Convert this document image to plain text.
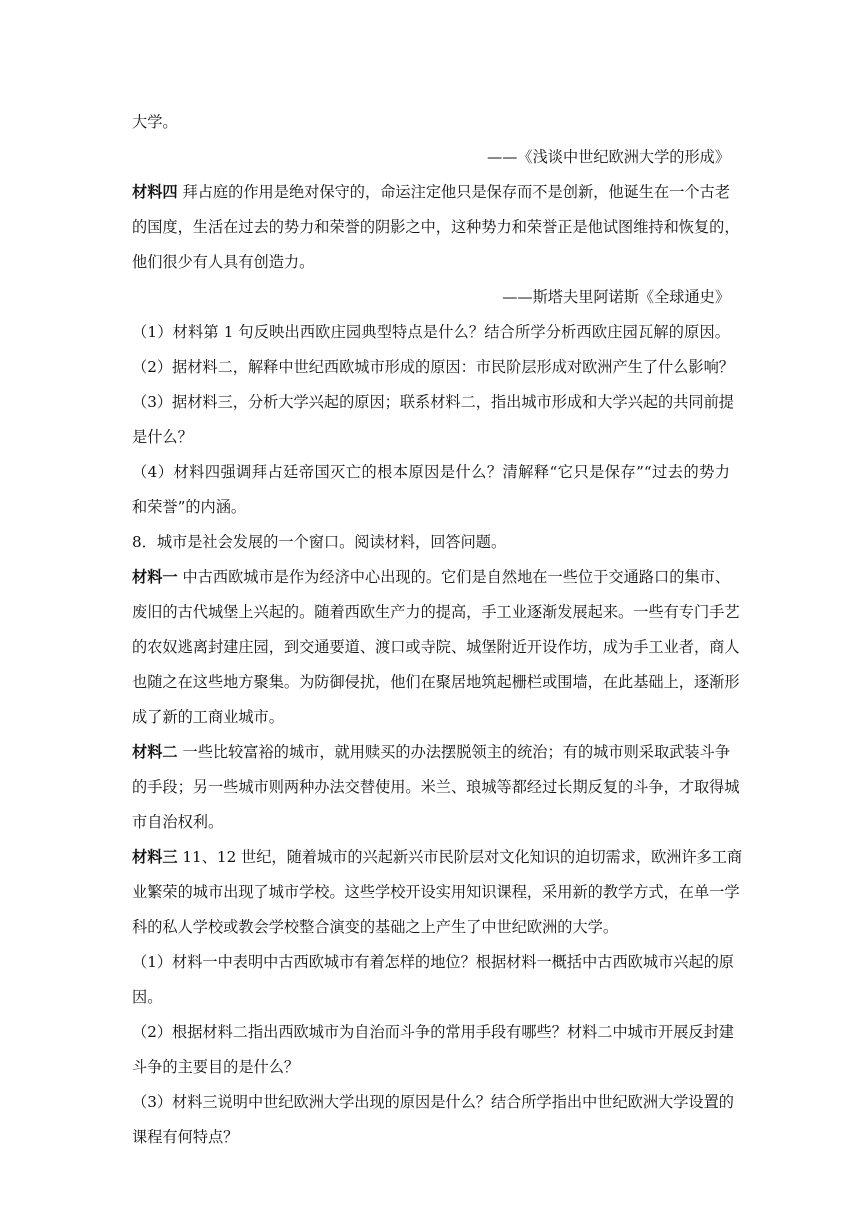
大学。
——《浅谈中世纪欧洲大学的形成》
材料四 拜占庭的作用是绝对保守的，命运注定他只是保存而不是创新，他诞生在一个古老
的国度，生活在过去的势力和荣誉的阴影之中，这种势力和荣誉正是他试图维持和恢复的，
他们很少有人具有创造力。
——斯塔夫里阿诺斯《全球通史》
（1）材料第 1 句反映出西欧庄园典型特点是什么？结合所学分析西欧庄园瓦解的原因。
（2）据材料二，解释中世纪西欧城市形成的原因：市民阶层形成对欧洲产生了什么影响？
（3）据材料三，分析大学兴起的原因；联系材料二，指出城市形成和大学兴起的共同前提
是什么？
（4）材料四强调拜占廷帝国灭亡的根本原因是什么？清解释“它只是保存”“过去的势力
和荣誉”的内涵。
8．城市是社会发展的一个窗口。阅读材料，回答问题。
材料一 中古西欧城市是作为经济中心出现的。它们是自然地在一些位于交通路口的集市、
废旧的古代城堡上兴起的。随着西欧生产力的提高，手工业逐渐发展起来。一些有专门手艺
的农奴逃离封建庄园，到交通要道、渡口或寺院、城堡附近开设作坊，成为手工业者，商人
也随之在这些地方聚集。为防御侵扰，他们在聚居地筑起栅栏或围墙，在此基础上，逐渐形
成了新的工商业城市。
材料二 一些比较富裕的城市，就用赎买的办法摆脱领主的统治；有的城市则采取武装斗争
的手段；另一些城市则两种办法交替使用。米兰、琅城等都经过长期反复的斗争，才取得城
市自治权利。
材料三 11、12 世纪，随着城市的兴起新兴市民阶层对文化知识的迫切需求，欧洲许多工商
业繁荣的城市出现了城市学校。这些学校开设实用知识课程，采用新的教学方式，在单一学
科的私人学校或教会学校整合演变的基础之上产生了中世纪欧洲的大学。
（1）材料一中表明中古西欧城市有着怎样的地位？根据材料一概括中古西欧城市兴起的原
因。
（2）根据材料二指出西欧城市为自治而斗争的常用手段有哪些？材料二中城市开展反封建
斗争的主要目的是什么？
（3）材料三说明中世纪欧洲大学出现的原因是什么？结合所学指出中世纪欧洲大学设置的
课程有何特点？
